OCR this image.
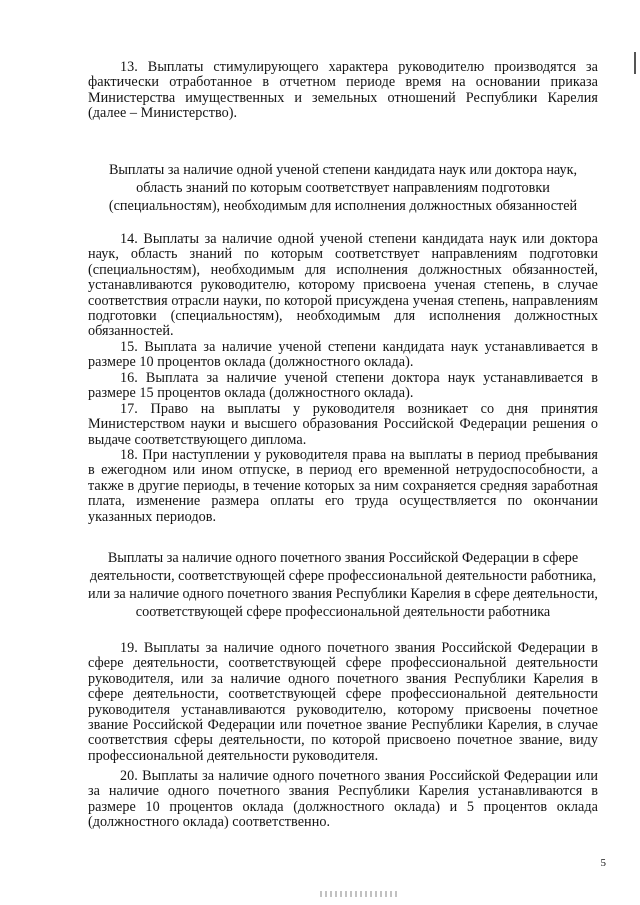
13. Выплаты стимулирующего характера руководителю производятся за фактически отработанное в отчетном периоде время на основании приказа Министерства имущественных и земельных отношений Республики Карелия (далее – Министерство).

Выплаты за наличие одной ученой степени кандидата наук или доктора наук, область знаний по которым соответствует направлениям подготовки (специальностям), необходимым для исполнения должностных обязанностей

14. Выплаты за наличие одной ученой степени кандидата наук или доктора наук, область знаний по которым соответствует направлениям подготовки (специальностям), необходимым для исполнения должностных обязанностей, устанавливаются руководителю, которому присвоена ученая степень, в случае соответствия отрасли науки, по которой присуждена ученая степень, направлениям подготовки (специальностям), необходимым для исполнения должностных обязанностей.

15. Выплата за наличие ученой степени кандидата наук устанавливается в размере 10 процентов оклада (должностного оклада).

16. Выплата за наличие ученой степени доктора наук устанавливается в размере 15 процентов оклада (должностного оклада).

17. Право на выплаты у руководителя возникает со дня принятия Министерством науки и высшего образования Российской Федерации решения о выдаче соответствующего диплома.

18. При наступлении у руководителя права на выплаты в период пребывания в ежегодном или ином отпуске, в период его временной нетрудоспособности, а также в другие периоды, в течение которых за ним сохраняется средняя заработная плата, изменение размера оплаты его труда осуществляется по окончании указанных периодов.

Выплаты за наличие одного почетного звания Российской Федерации в сфере деятельности, соответствующей сфере профессиональной деятельности работника, или за наличие одного почетного звания Республики Карелия в сфере деятельности, соответствующей сфере профессиональной деятельности работника

19. Выплаты за наличие одного почетного звания Российской Федерации в сфере деятельности, соответствующей сфере профессиональной деятельности руководителя, или за наличие одного почетного звания Республики Карелия в сфере деятельности, соответствующей сфере профессиональной деятельности руководителя устанавливаются руководителю, которому присвоены почетное звание Российской Федерации или почетное звание Республики Карелия, в случае соответствия сферы деятельности, по которой присвоено почетное звание, виду профессиональной деятельности руководителя.

20. Выплаты за наличие одного почетного звания Российской Федерации или за наличие одного почетного звания Республики Карелия устанавливаются в размере 10 процентов оклада (должностного оклада) и 5 процентов оклада (должностного оклада) соответственно.

5
